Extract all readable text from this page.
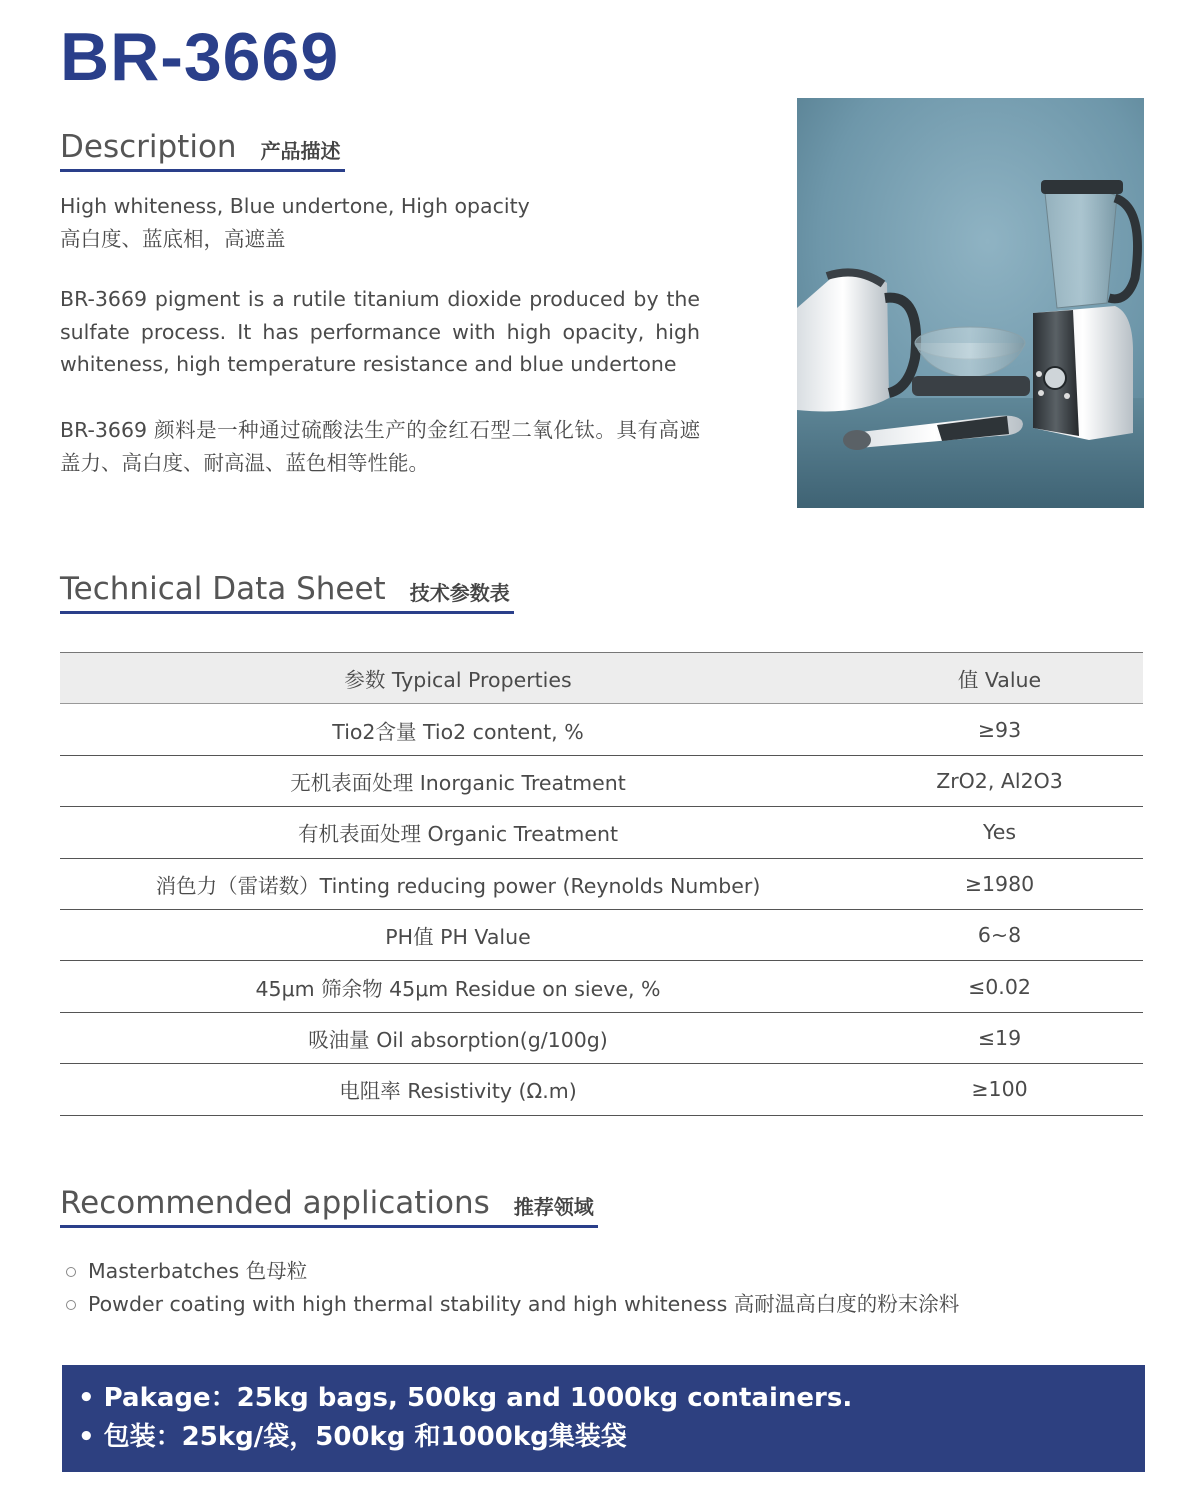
BR-3669
Description 产品描述
High whiteness, Blue undertone, High opacity
高白度、蓝底相，高遮盖
BR-3669 pigment is a rutile titanium dioxide produced by the sulfate process. It has performance with high opacity, high whiteness, high temperature resistance and blue undertone
BR-3669 颜料是一种通过硫酸法生产的金红石型二氧化钛。具有高遮盖力、高白度、耐高温、蓝色相等性能。
Technical Data Sheet 技术参数表
参数 Typical Properties	值 Value
Tio2含量 Tio2 content, %	≥93
无机表面处理 Inorganic Treatment	ZrO2, Al2O3
有机表面处理 Organic Treatment	Yes
消色力（雷诺数）Tinting reducing power (Reynolds Number)	≥1980
PH值 PH Value	6~8
45μm 筛余物 45μm Residue on sieve, %	≤0.02
吸油量 Oil absorption(g/100g)	≤19
电阻率 Resistivity (Ω.m)	≥100
Recommended applications 推荐领域
Masterbatches 色母粒
Powder coating with high thermal stability and high whiteness 高耐温高白度的粉末涂料
• Pakage：25kg bags, 500kg and 1000kg containers.
• 包装：25kg/袋，500kg 和1000kg集装袋
